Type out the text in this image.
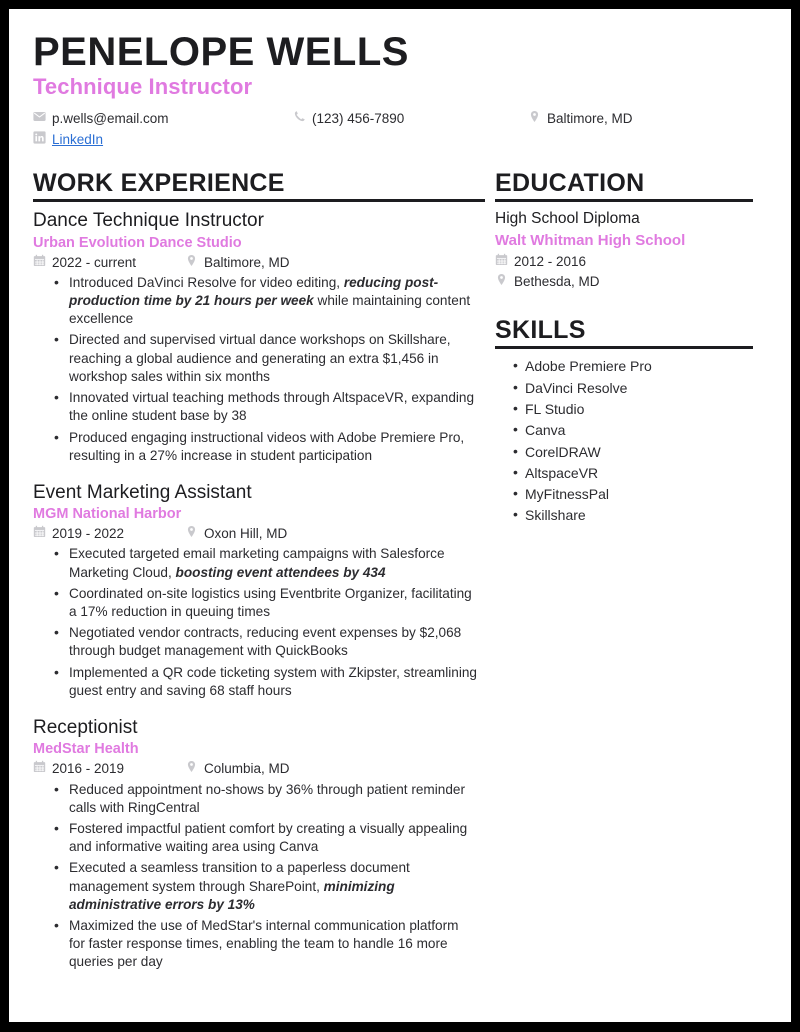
PENELOPE WELLS
Technique Instructor
p.wells@email.com	(123) 456-7890	Baltimore, MD
LinkedIn
WORK EXPERIENCE
Dance Technique Instructor
Urban Evolution Dance Studio
2022 - current	Baltimore, MD
• Introduced DaVinci Resolve for video editing, reducing post-production time by 21 hours per week while maintaining content excellence
• Directed and supervised virtual dance workshops on Skillshare, reaching a global audience and generating an extra $1,456 in workshop sales within six months
• Innovated virtual teaching methods through AltspaceVR, expanding the online student base by 38
• Produced engaging instructional videos with Adobe Premiere Pro, resulting in a 27% increase in student participation
Event Marketing Assistant
MGM National Harbor
2019 - 2022	Oxon Hill, MD
• Executed targeted email marketing campaigns with Salesforce Marketing Cloud, boosting event attendees by 434
• Coordinated on-site logistics using Eventbrite Organizer, facilitating a 17% reduction in queuing times
• Negotiated vendor contracts, reducing event expenses by $2,068 through budget management with QuickBooks
• Implemented a QR code ticketing system with Zkipster, streamlining guest entry and saving 68 staff hours
Receptionist
MedStar Health
2016 - 2019	Columbia, MD
• Reduced appointment no-shows by 36% through patient reminder calls with RingCentral
• Fostered impactful patient comfort by creating a visually appealing and informative waiting area using Canva
• Executed a seamless transition to a paperless document management system through SharePoint, minimizing administrative errors by 13%
• Maximized the use of MedStar's internal communication platform for faster response times, enabling the team to handle 16 more queries per day
EDUCATION
High School Diploma
Walt Whitman High School
2012 - 2016
Bethesda, MD
SKILLS
• Adobe Premiere Pro
• DaVinci Resolve
• FL Studio
• Canva
• CorelDRAW
• AltspaceVR
• MyFitnessPal
• Skillshare
